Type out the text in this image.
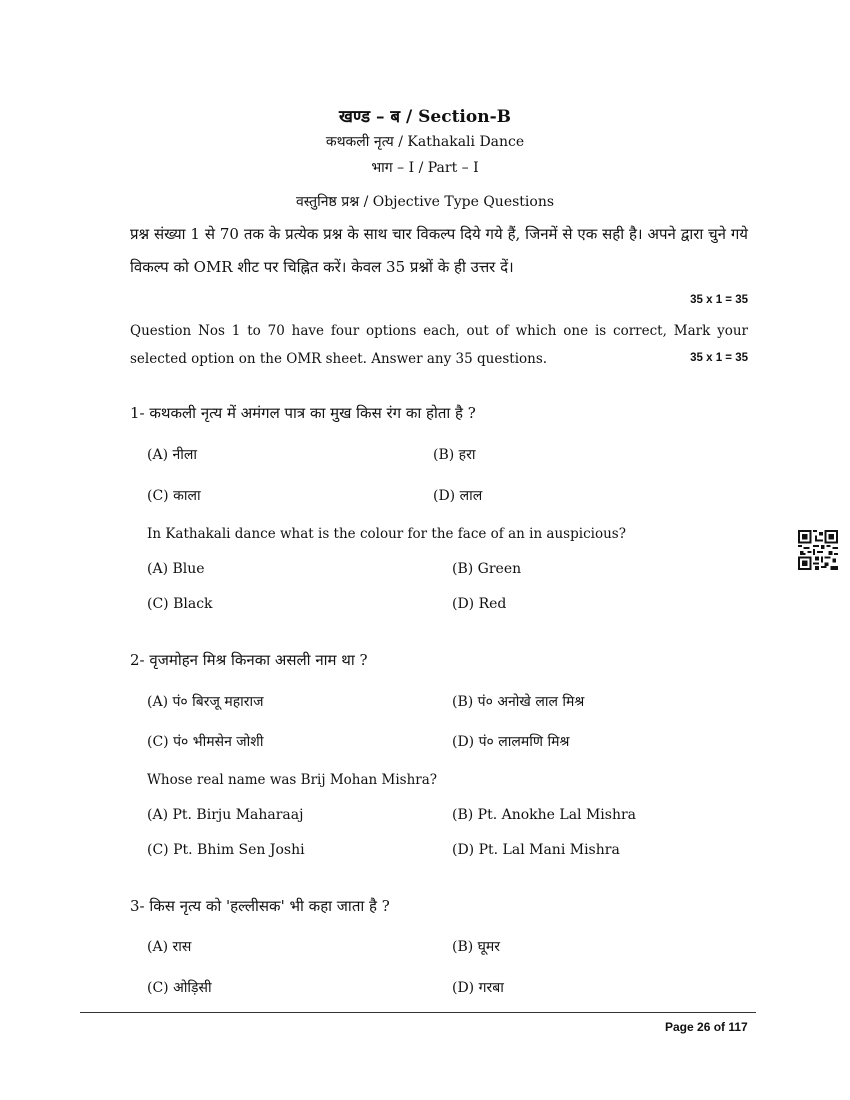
खण्ड – ब / Section-B
कथकली नृत्य / Kathakali Dance
भाग – I / Part – I
वस्तुनिष्ठ प्रश्न / Objective Type Questions
प्रश्न संख्या 1 से 70 तक के प्रत्येक प्रश्न के साथ चार विकल्प दिये गये हैं, जिनमें से एक सही है। अपने द्वारा चुने गये विकल्प को OMR शीट पर चिह्नित करें। केवल 35 प्रश्नों के ही उत्तर दें।
35 x 1 = 35
Question Nos 1 to 70 have four options each, out of which one is correct, Mark your selected option on the OMR sheet. Answer any 35 questions.	35 x 1 = 35
1- कथकली नृत्य में अमंगल पात्र का मुख किस रंग का होता है ?
(A) नीला	(B) हरा
(C) काला	(D) लाल
In Kathakali dance what is the colour for the face of an in auspicious?
(A) Blue	(B) Green
(C) Black	(D) Red
2- वृजमोहन मिश्र किनका असली नाम था ?
(A) पं० बिरजू महाराज	(B) पं० अनोखे लाल मिश्र
(C) पं० भीमसेन जोशी	(D) पं० लालमणि मिश्र
Whose real name was Brij Mohan Mishra?
(A) Pt. Birju Maharaaj	(B) Pt. Anokhe Lal Mishra
(C) Pt. Bhim Sen Joshi	(D) Pt. Lal Mani Mishra
3- किस नृत्य को 'हल्लीसक' भी कहा जाता है ?
(A) रास	(B) घूमर
(C) ओड़िसी	(D) गरबा
Page 26 of 117
